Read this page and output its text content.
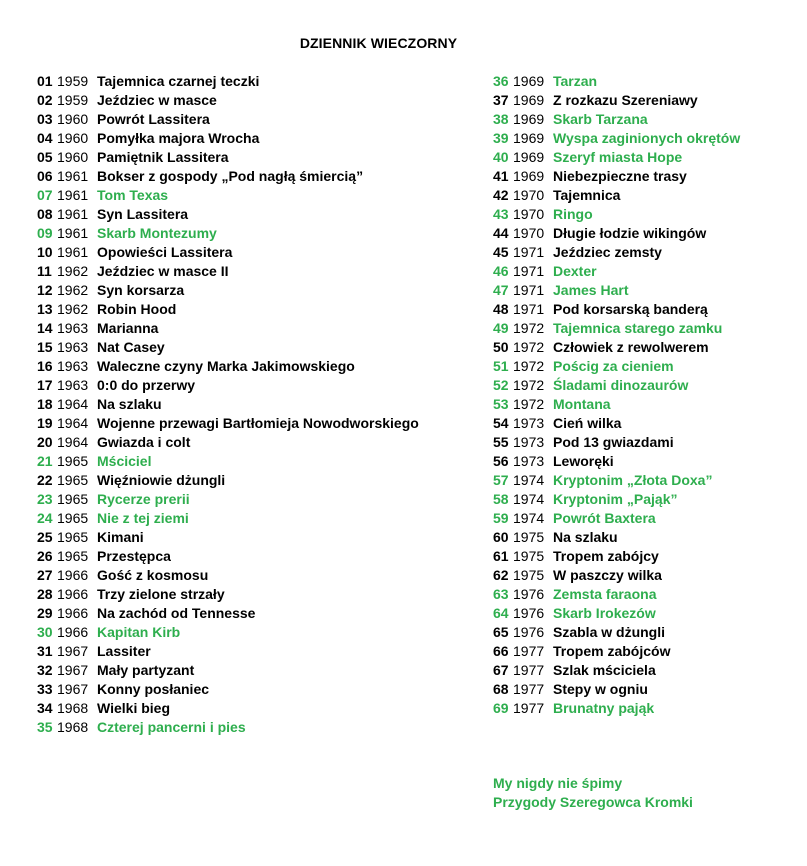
DZIENNIK WIECZORNY
01 1959 Tajemnica czarnej teczki
02 1959 Jeździec w masce
03 1960 Powrót Lassitera
04 1960 Pomyłka majora Wrocha
05 1960 Pamiętnik Lassitera
06 1961 Bokser z gospody „Pod nagłą śmiercią”
07 1961 Tom Texas
08 1961 Syn Lassitera
09 1961 Skarb Montezumy
10 1961 Opowieści Lassitera
11 1962 Jeździec w masce II
12 1962 Syn korsarza
13 1962 Robin Hood
14 1963 Marianna
15 1963 Nat Casey
16 1963 Waleczne czyny Marka Jakimowskiego
17 1963 0:0 do przerwy
18 1964 Na szlaku
19 1964 Wojenne przewagi Bartłomieja Nowodworskiego
20 1964 Gwiazda i colt
21 1965 Mściciel
22 1965 Więźniowie dżungli
23 1965 Rycerze prerii
24 1965 Nie z tej ziemi
25 1965 Kimani
26 1965 Przestępca
27 1966 Gość z kosmosu
28 1966 Trzy zielone strzały
29 1966 Na zachód od Tennesse
30 1966 Kapitan Kirb
31 1967 Lassiter
32 1967 Mały partyzant
33 1967 Konny posłaniec
34 1968 Wielki bieg
35 1968 Czterej pancerni i pies
36 1969 Tarzan
37 1969 Z rozkazu Szereniawy
38 1969 Skarb Tarzana
39 1969 Wyspa zaginionych okrętów
40 1969 Szeryf miasta Hope
41 1969 Niebezpieczne trasy
42 1970 Tajemnica
43 1970 Ringo
44 1970 Długie łodzie wikingów
45 1971 Jeździec zemsty
46 1971 Dexter
47 1971 James Hart
48 1971 Pod korsarską banderą
49 1972 Tajemnica starego zamku
50 1972 Człowiek z rewolwerem
51 1972 Pościg za cieniem
52 1972 Śladami dinozaurów
53 1972 Montana
54 1973 Cień wilka
55 1973 Pod 13 gwiazdami
56 1973 Leworęki
57 1974 Kryptonim „Złota Doxa”
58 1974 Kryptonim „Pająk”
59 1974 Powrót Baxtera
60 1975 Na szlaku
61 1975 Tropem zabójcy
62 1975 W paszczy wilka
63 1976 Zemsta faraona
64 1976 Skarb Irokezów
65 1976 Szabla w dżungli
66 1977 Tropem zabójców
67 1977 Szlak mściciela
68 1977 Stepy w ogniu
69 1977 Brunatny pająk
My nigdy nie śpimy
Przygody Szeregowca Kromki
